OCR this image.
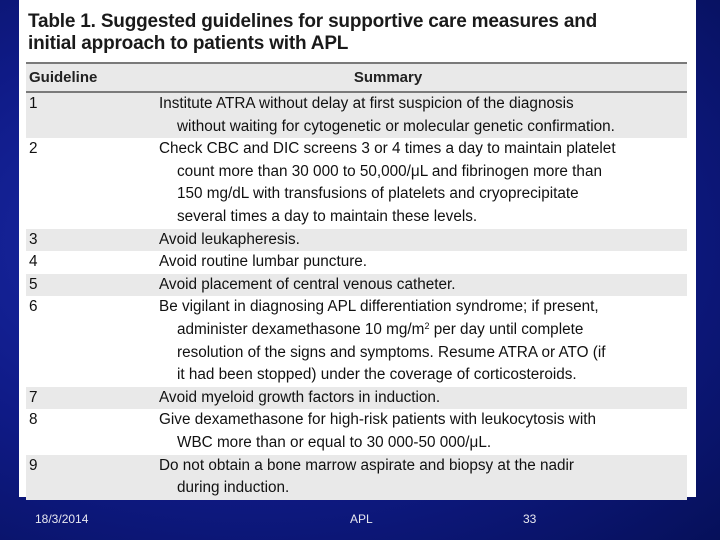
Table 1. Suggested guidelines for supportive care measures and
initial approach to patients with APL
Guideline	Summary
1	Institute ATRA without delay at first suspicion of the diagnosis
without waiting for cytogenetic or molecular genetic confirmation.
2	Check CBC and DIC screens 3 or 4 times a day to maintain platelet
count more than 30 000 to 50,000/μL and fibrinogen more than
150 mg/dL with transfusions of platelets and cryoprecipitate
several times a day to maintain these levels.
3	Avoid leukapheresis.
4	Avoid routine lumbar puncture.
5	Avoid placement of central venous catheter.
6	Be vigilant in diagnosing APL differentiation syndrome; if present,
administer dexamethasone 10 $mg/m^2$ per day until complete
resolution of the signs and symptoms. Resume ATRA or ATO (if
it had been stopped) under the coverage of corticosteroids.
7	Avoid myeloid growth factors in induction.
8	Give dexamethasone for high-risk patients with leukocytosis with
WBC more than or equal to 30 000-50 000/μL.
9	Do not obtain a bone marrow aspirate and biopsy at the nadir
during induction.
18/3/2014	APL	33
